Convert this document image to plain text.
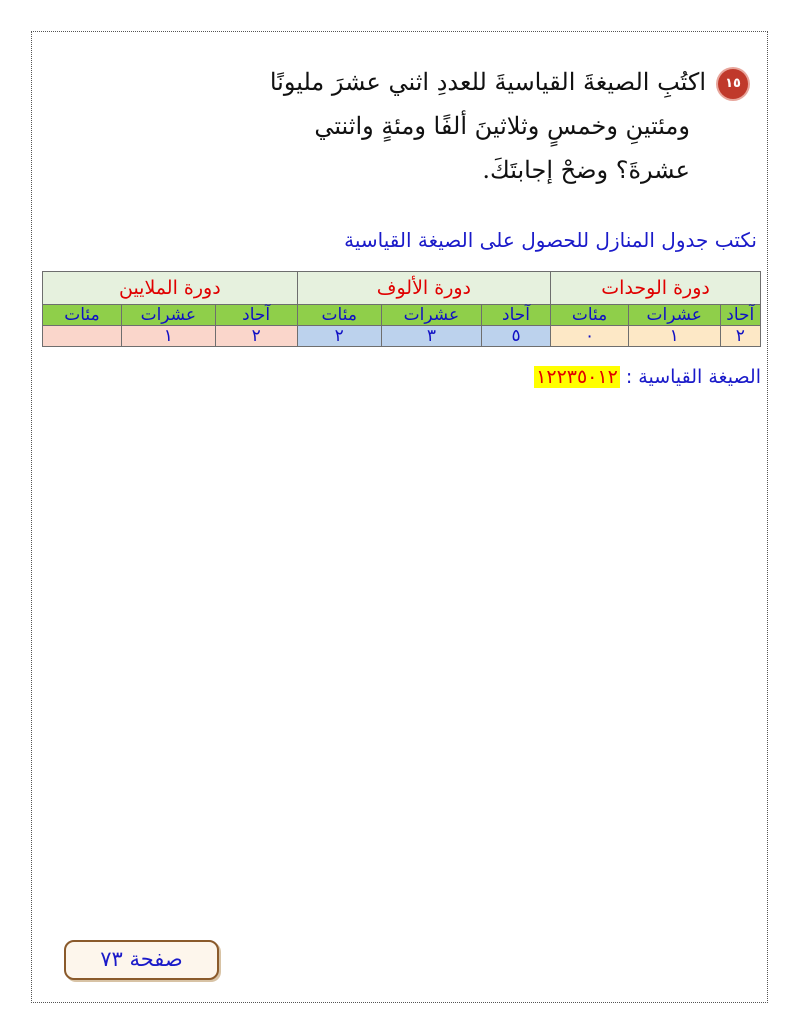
١٥اكتُبِ الصيغةَ القياسيةَ للعددِ اثني عشرَ مليونًا
ومئتينِ وخمسٍ وثلاثينَ ألفًا ومئةٍ واثنتي
عشرةَ؟ وضحْ إجابتَكَ.
نكتب جدول المنازل للحصول على الصيغة القياسية
دورة الوحدات			دورة الألوف			دورة الملايين		
آحاد	عشرات	مئات	آحاد	عشرات	مئات	آحاد	عشرات	مئات
٢	١	٠	٥	٣	٢	٢	١	
الصيغة القياسية : ١٢٢٣٥٠١٢
صفحة ٧٣
